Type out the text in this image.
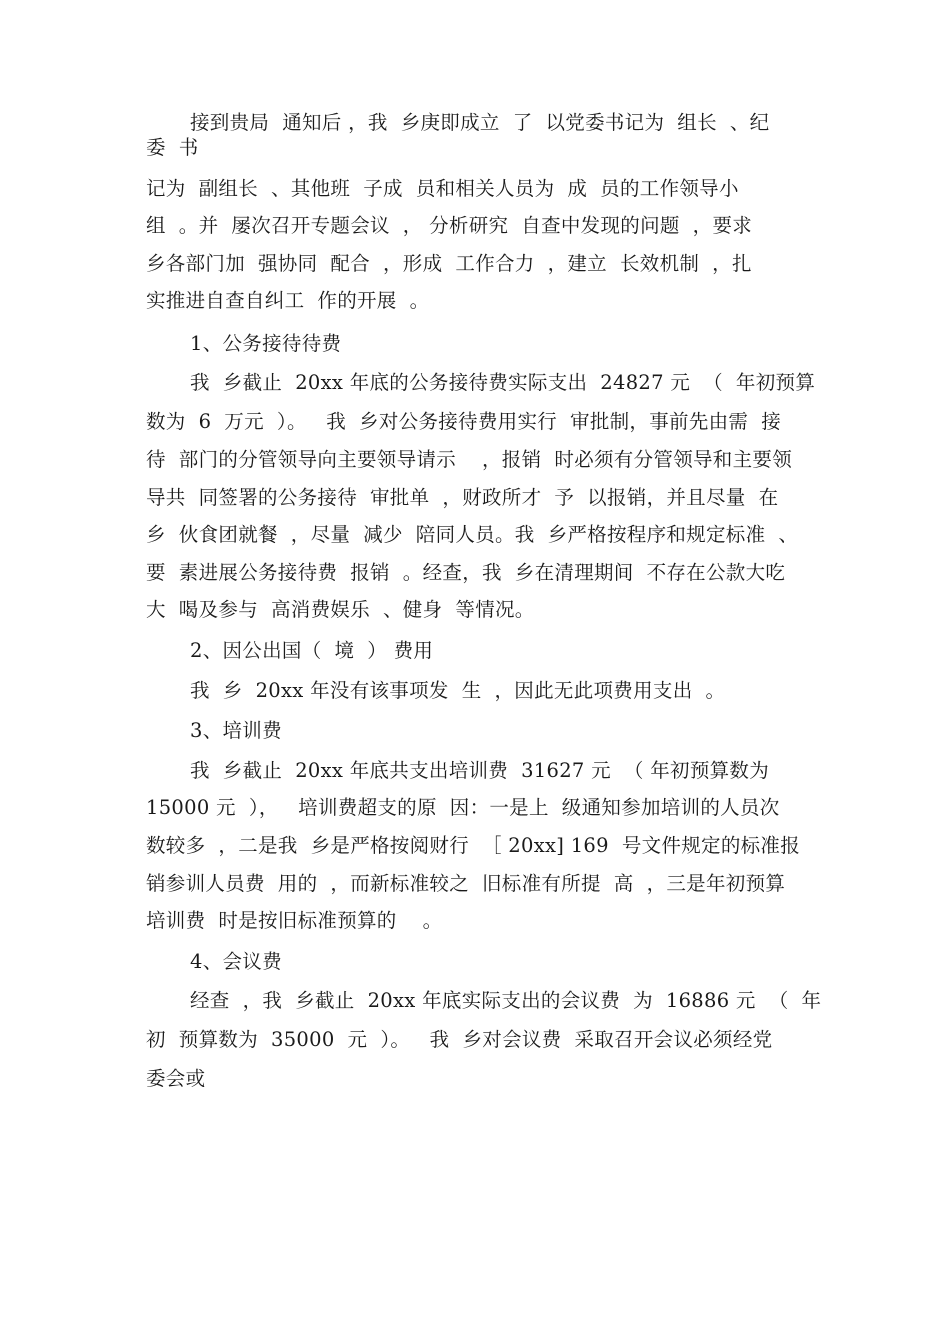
接到贵局  通知后 ，我  乡庚即成立  了  以党委书记为  组长  、纪
委  书
记为  副组长  、其他班  子成  员和相关人员为  成  员的工作领导小
组  。并  屡次召开专题会议  ， 分析研究  自查中发现的问题  ，要求
乡各部门加  强协同  配合  ，形成  工作合力  ，建立  长效机制  ，扎
实推进自查自纠工  作的开展  。
1、公务接待待费
我  乡截止  20xx 年底的公务接待费实际支出  24827 元  （  年初预算
数为  6  万元  ）。   我  乡对公务接待费用实行  审批制，事前先由需  接
待  部门的分管领导向主要领导请示    ，报销  时必须有分管领导和主要领
导共  同签署的公务接待  审批单  ，财政所才  予  以报销，并且尽量  在
乡  伙食团就餐  ，尽量  减少  陪同人员。我  乡严格按程序和规定标准  、
要  素进展公务接待费  报销  。经查，我  乡在清理期间  不存在公款大吃
大  喝及参与  高消费娱乐  、健身  等情况。
2、因公出国（  境  ） 费用
我  乡  20xx 年没有该事项发  生  ，因此无此项费用支出  。
3、培训费
我  乡截止  20xx 年底共支出培训费  31627 元  （ 年初预算数为
15000 元  ），   培训费超支的原  因：一是上  级通知参加培训的人员次
数较多  ，二是我  乡是严格按阅财行  ［ 20xx] 169  号文件规定的标准报
销参训人员费  用的  ，而新标准较之  旧标准有所提  高  ，三是年初预算
培训费  时是按旧标准预算的    。
4、会议费
经查  ，我  乡截止  20xx 年底实际支出的会议费  为  16886 元  （  年
初  预算数为  35000  元  ）。   我  乡对会议费  采取召开会议必须经党
委会或
